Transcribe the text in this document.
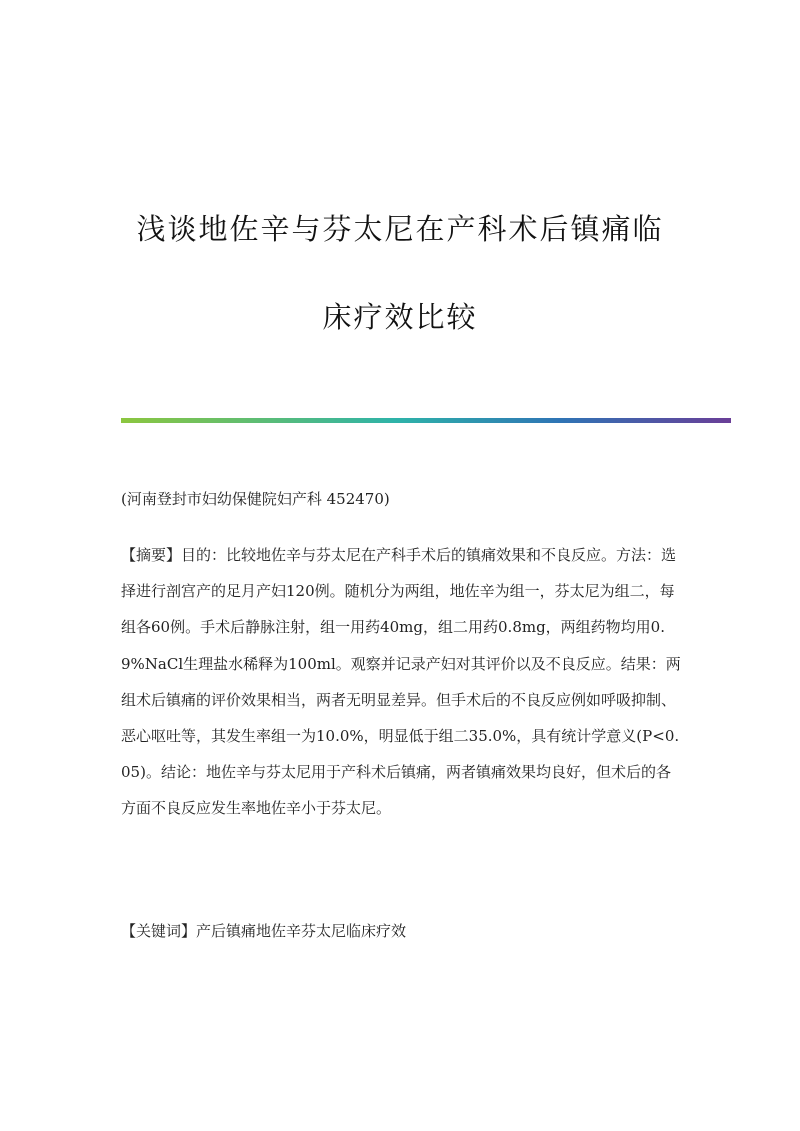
浅谈地佐辛与芬太尼在产科术后镇痛临
床疗效比较
(河南登封市妇幼保健院妇产科 452470)

【摘要】目的：比较地佐辛与芬太尼在产科手术后的镇痛效果和不良反应。方法：选择进行剖宫产的足月产妇120例。随机分为两组，地佐辛为组一，芬太尼为组二，每组各60例。手术后静脉注射，组一用药40mg，组二用药0.8mg，两组药物均用0.9%NaCl生理盐水稀释为100ml。观察并记录产妇对其评价以及不良反应。结果：两组术后镇痛的评价效果相当，两者无明显差异。但手术后的不良反应例如呼吸抑制、恶心呕吐等，其发生率组一为10.0%，明显低于组二35.0%，具有统计学意义(P<0.05)。结论：地佐辛与芬太尼用于产科术后镇痛，两者镇痛效果均良好，但术后的各方面不良反应发生率地佐辛小于芬太尼。

【关键词】产后镇痛地佐辛芬太尼临床疗效
